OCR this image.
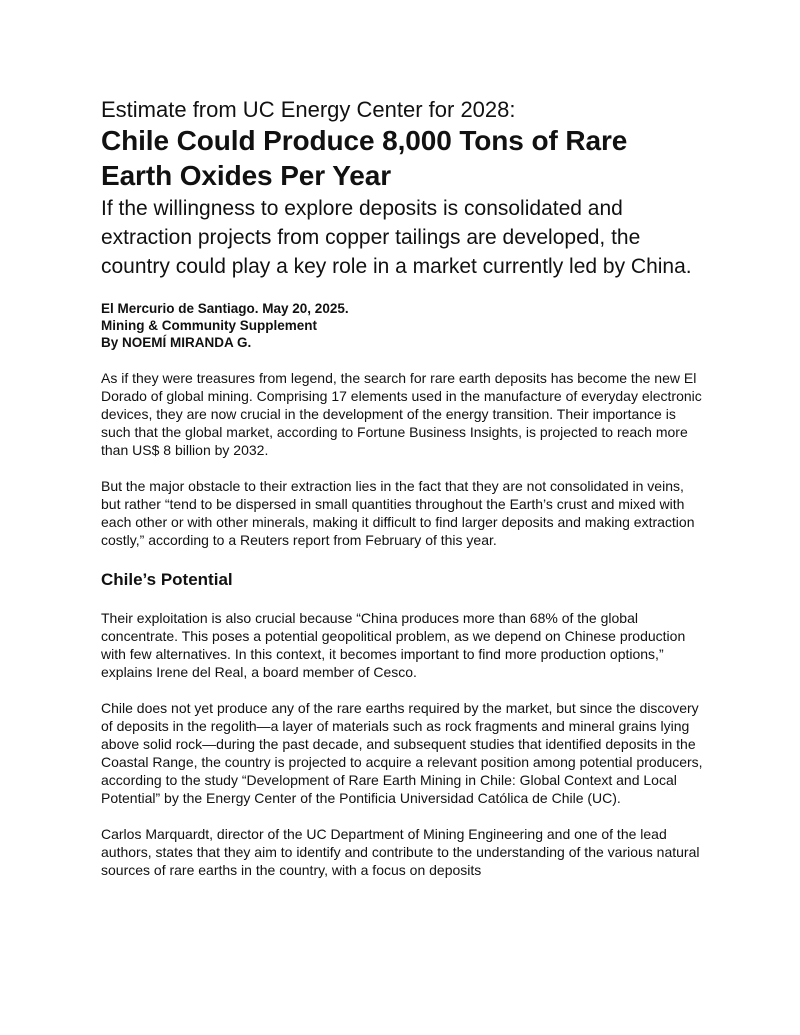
Estimate from UC Energy Center for 2028:
Chile Could Produce 8,000 Tons of Rare Earth Oxides Per Year

If the willingness to explore deposits is consolidated and extraction projects from copper tailings are developed, the country could play a key role in a market currently led by China.

El Mercurio de Santiago. May 20, 2025.
Mining & Community Supplement
By NOEMÍ MIRANDA G.

As if they were treasures from legend, the search for rare earth deposits has become the new El Dorado of global mining. Comprising 17 elements used in the manufacture of everyday electronic devices, they are now crucial in the development of the energy transition. Their importance is such that the global market, according to Fortune Business Insights, is projected to reach more than US$ 8 billion by 2032.

But the major obstacle to their extraction lies in the fact that they are not consolidated in veins, but rather “tend to be dispersed in small quantities throughout the Earth’s crust and mixed with each other or with other minerals, making it difficult to find larger deposits and making extraction costly,” according to a Reuters report from February of this year.

Chile’s Potential

Their exploitation is also crucial because “China produces more than 68% of the global concentrate. This poses a potential geopolitical problem, as we depend on Chinese production with few alternatives. In this context, it becomes important to find more production options,” explains Irene del Real, a board member of Cesco.

Chile does not yet produce any of the rare earths required by the market, but since the discovery of deposits in the regolith—a layer of materials such as rock fragments and mineral grains lying above solid rock—during the past decade, and subsequent studies that identified deposits in the Coastal Range, the country is projected to acquire a relevant position among potential producers, according to the study “Development of Rare Earth Mining in Chile: Global Context and Local Potential” by the Energy Center of the Pontificia Universidad Católica de Chile (UC).

Carlos Marquardt, director of the UC Department of Mining Engineering and one of the lead authors, states that they aim to identify and contribute to the understanding of the various natural sources of rare earths in the country, with a focus on deposits
